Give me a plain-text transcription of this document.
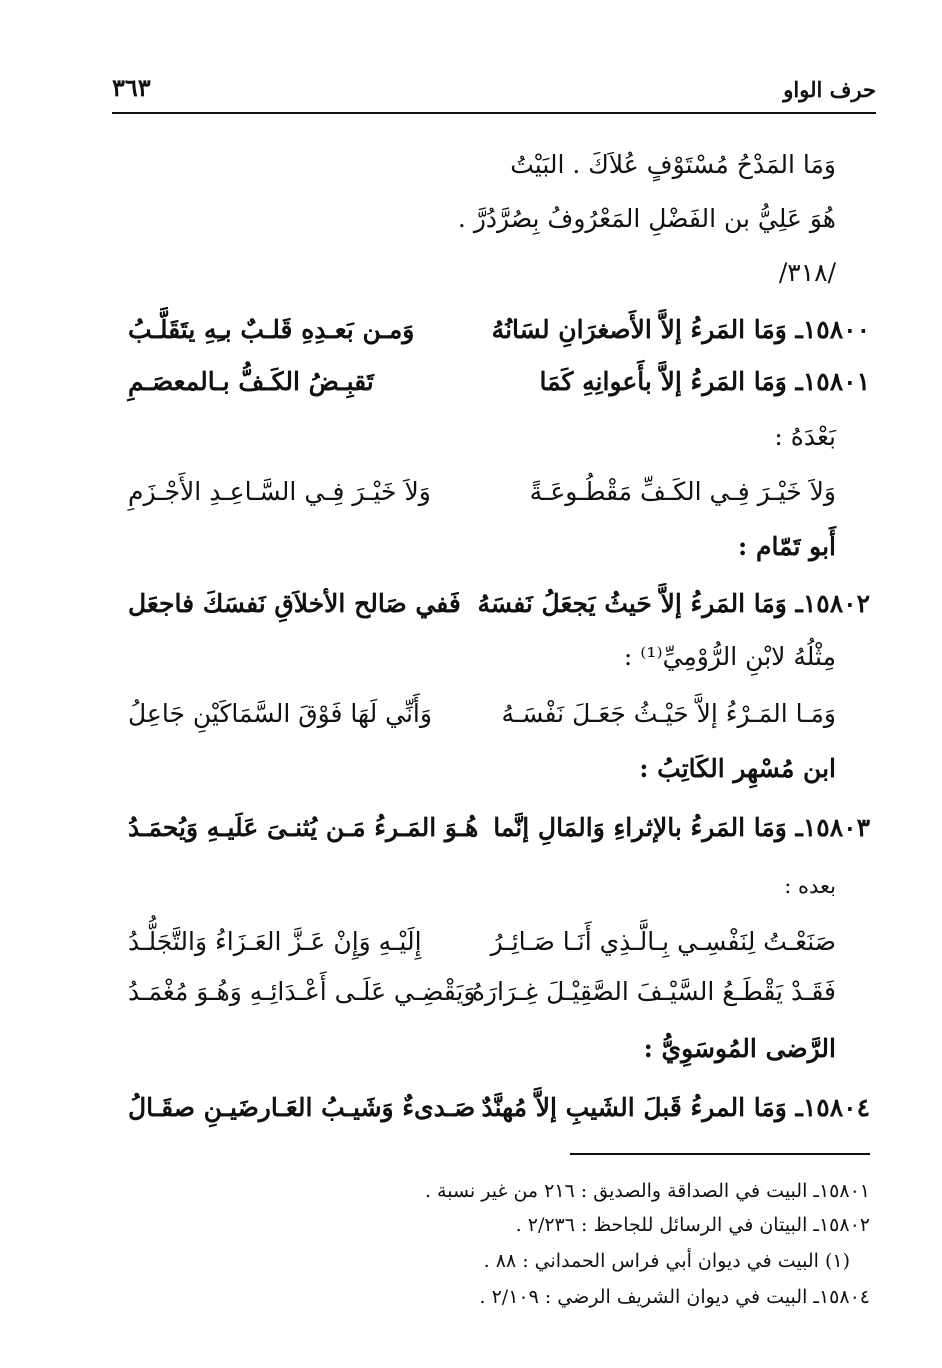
حرف الواو
٣٦٣
وَمَا المَدْحُ مُسْتَوْفٍ عُلاَكَ . البَيْتُ
هُوَ عَلِيُّ بن الفَضْلِ المَعْرُوفُ بِصُرَّدُرَّ .
/٣١٨/
١٥٨٠٠ـ وَمَا المَرءُ إلاَّ الأَصغرَانِ لسَانُهُ
وَمـن بَعـدِهِ قَلـبٌ بـِهِ يتَقَلَّـبُ
١٥٨٠١ـ وَمَا المَرءُ إلاَّ بأَعوانِهِ كَمَا
تَقبِـضُ الكَـفُّ بـالمعصَـمِ
بَعْدَهُ :
وَلاَ خَيْـرَ فِـي الكَـفِّ مَقْطُـوعَـةً
وَلاَ خَيْـرَ فِـي السَّـاعِـدِ الأَجْـزَمِ
أَبو تَمّام :
١٥٨٠٢ـ وَمَا المَرءُ إلاَّ حَيثُ يَجعَلُ نَفسَهُ
فَفي صَالح الأخلاَقِ نَفسَكَ فاجعَل
مِثْلُهُ لابْنِ الرُّوْمِيِّ⁽¹⁾ :
وَمَـا المَـرْءُ إلاَّ حَيْـثُ جَعَـلَ نَفْسَـهُ
وَأَنِّي لَهَا فَوْقَ السَّمَاكَيْنِ جَاعِلُ
ابن مُسْهِر الكَاتِبُ :
١٥٨٠٣ـ وَمَا المَرءُ بالإثراءِ وَالمَالِ إنَّما
هُـوَ المَـرءُ مَـن يُثنـىَ عَلَيـهِ وَيُحمَـدُ
بعده :
صَنَعْـتُ لِنَفْسِـي بِـالَّـذِي أَنَـا صَـائِـرُ
إِلَيْـهِ وَإِنْ عَـزَّ العَـزَاءُ وَالتَّجَلُّـدُ
فَقَـدْ يَقْطَـعُ السَّيْـفَ الصَّقِيْـلَ غِـرَارَهُ
وَيَقْضِـي عَلَـى أَعْـدَائِـهِ وَهُـوَ مُغْمَـدُ
الرَّضى المُوسَوِيُّ :
١٥٨٠٤ـ وَمَا المرءُ قَبلَ الشَيبِ إلاَّ مُهنَّدٌ
صَـدىءٌ وَشَيـبُ العَـارضَيـنِ صقَـالُ
١٥٨٠١ـ البيت في الصداقة والصديق : ٢١٦ من غير نسبة .
١٥٨٠٢ـ البيتان في الرسائل للجاحظ : ٢/٢٣٦ .
(١) البيت في ديوان أبي فراس الحمداني : ٨٨ .
١٥٨٠٤ـ البيت في ديوان الشريف الرضي : ٢/١٠٩ .
